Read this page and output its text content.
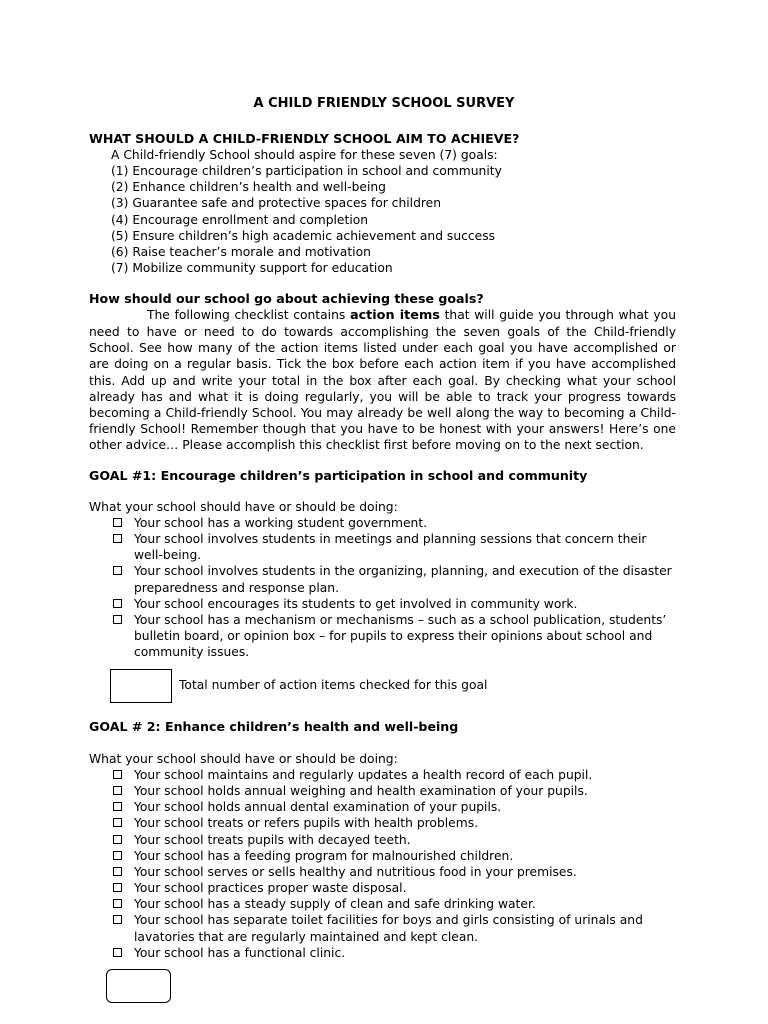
A CHILD FRIENDLY SCHOOL SURVEY
WHAT SHOULD A CHILD-FRIENDLY SCHOOL AIM TO ACHIEVE?
A Child-friendly School should aspire for these seven (7) goals:
(1) Encourage children’s participation in school and community
(2) Enhance children’s health and well-being
(3) Guarantee safe and protective spaces for children
(4) Encourage enrollment and completion
(5) Ensure children’s high academic achievement and success
(6) Raise teacher’s morale and motivation
(7) Mobilize community support for education
How should our school go about achieving these goals?
The following checklist contains action items that will guide you through what you need to have or need to do towards accomplishing the seven goals of the Child-friendly School. See how many of the action items listed under each goal you have accomplished or are doing on a regular basis. Tick the box before each action item if you have accomplished this. Add up and write your total in the box after each goal. By checking what your school already has and what it is doing regularly, you will be able to track your progress towards becoming a Child-friendly School. You may already be well along the way to becoming a Child-friendly School! Remember though that you have to be honest with your answers! Here’s one other advice… Please accomplish this checklist first before moving on to the next section.
GOAL #1: Encourage children’s participation in school and community
What your school should have or should be doing:
Your school has a working student government.
Your school involves students in meetings and planning sessions that concern their well-being.
Your school involves students in the organizing, planning, and execution of the disaster preparedness and response plan.
Your school encourages its students to get involved in community work.
Your school has a mechanism or mechanisms – such as a school publication, students’ bulletin board, or opinion box – for pupils to express their opinions about school and community issues.
Total number of action items checked for this goal
GOAL # 2: Enhance children’s health and well-being
What your school should have or should be doing:
Your school maintains and regularly updates a health record of each pupil.
Your school holds annual weighing and health examination of your pupils.
Your school holds annual dental examination of your pupils.
Your school treats or refers pupils with health problems.
Your school treats pupils with decayed teeth.
Your school has a feeding program for malnourished children.
Your school serves or sells healthy and nutritious food in your premises.
Your school practices proper waste disposal.
Your school has a steady supply of clean and safe drinking water.
Your school has separate toilet facilities for boys and girls consisting of urinals and lavatories that are regularly maintained and kept clean.
Your school has a functional clinic.
